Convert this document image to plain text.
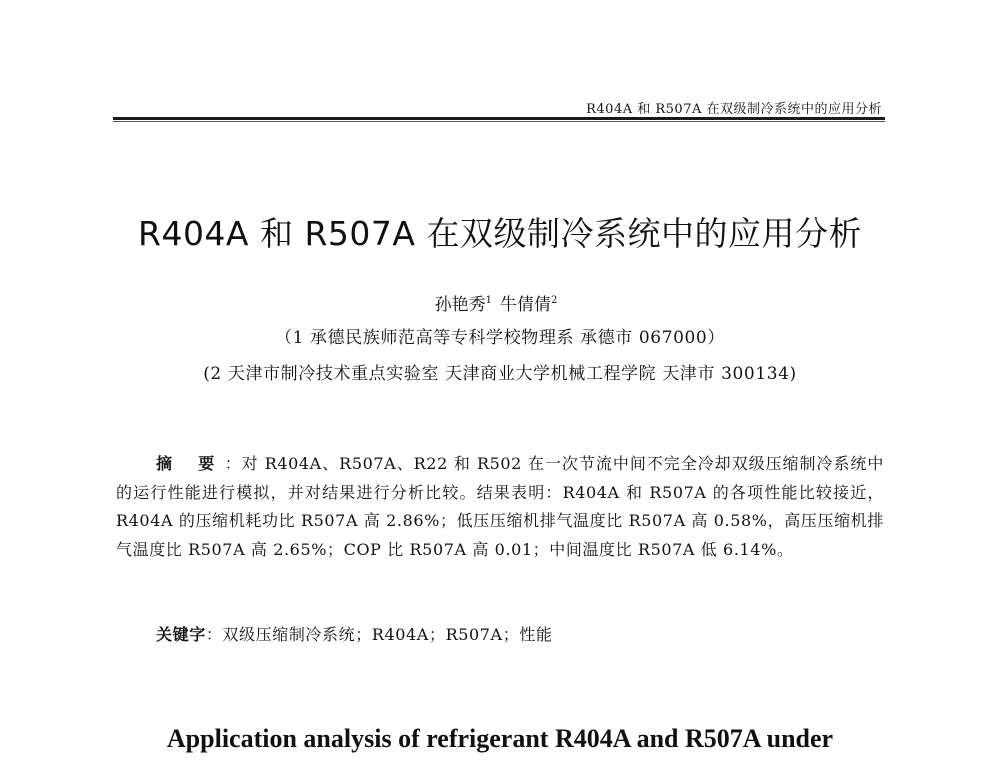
R404A 和 R507A 在双级制冷系统中的应用分析
R404A 和 R507A 在双级制冷系统中的应用分析
孙艳秀$^1$ 牛倩倩$^2$
（1 承德民族师范高等专科学校物理系 承德市 067000）
(2 天津市制冷技术重点实验室 天津商业大学机械工程学院 天津市 300134)
摘 要：对 R404A、R507A、R22 和 R502 在一次节流中间不完全冷却双级压缩制冷系统中的运行性能进行模拟，并对结果进行分析比较。结果表明：R404A 和 R507A 的各项性能比较接近，R404A 的压缩机耗功比 R507A 高 2.86%；低压压缩机排气温度比 R507A 高 0.58%，高压压缩机排气温度比 R507A 高 2.65%；COP 比 R507A 高 0.01；中间温度比 R507A 低 6.14%。
关键字：双级压缩制冷系统；R404A；R507A；性能
Application analysis of refrigerant R404A and R507A under
